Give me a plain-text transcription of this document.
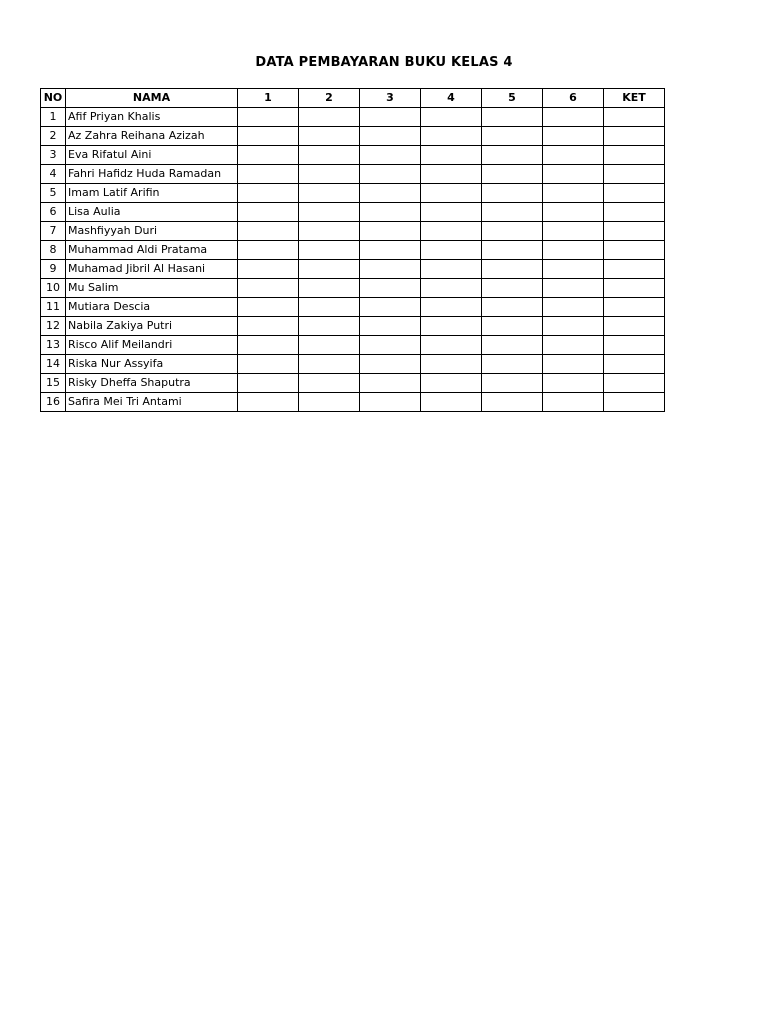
DATA PEMBAYARAN BUKU KELAS 4
NO	NAMA	1	2	3	4	5	6	KET
1	Afif Priyan Khalis							
2	Az Zahra Reihana Azizah							
3	Eva Rifatul Aini							
4	Fahri Hafidz Huda Ramadan							
5	Imam Latif Arifin							
6	Lisa Aulia							
7	Mashfiyyah Duri							
8	Muhammad Aldi Pratama							
9	Muhamad Jibril Al Hasani							
10	Mu Salim							
11	Mutiara Descia							
12	Nabila Zakiya Putri							
13	Risco Alif Meilandri							
14	Riska Nur Assyifa							
15	Risky Dheffa Shaputra							
16	Safira Mei Tri Antami							
